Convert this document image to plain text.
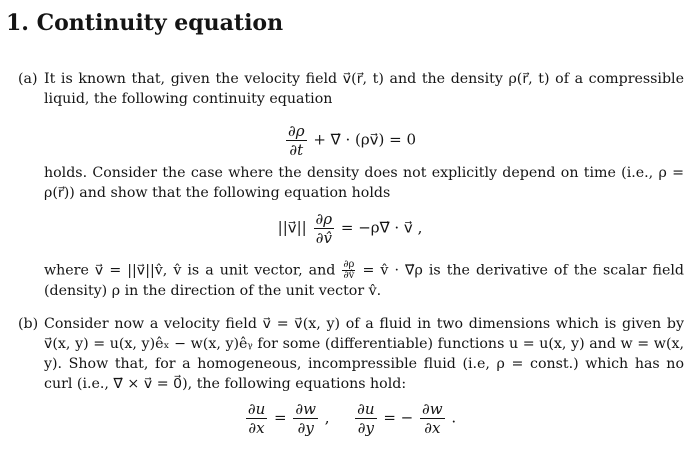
1. Continuity equation
(a) It is known that, given the velocity field v⃗(r⃗, t) and the density ρ(r⃗, t) of a compressible liquid, the following continuity equation
$\frac{\partial\rho}{\partial t}$ + ∇⃗ · (ρv⃗) = 0
holds. Consider the case where the density does not explicitly depend on time (i.e., ρ = ρ(r⃗)) and show that the following equation holds
||v⃗|| $\frac{\partial\rho}{\partial v̂}$ = −ρ∇⃗ · v⃗ ,
where v⃗ = ||v⃗||v̂, v̂ is a unit vector, and $\frac{\partial\rho}{\partial v̂}$ = v̂ · ∇⃗ρ is the derivative of the scalar field (density) ρ in the direction of the unit vector v̂.
(b) Consider now a velocity field v⃗ = v⃗(x, y) of a fluid in two dimensions which is given by v⃗(x, y) = u(x, y)êₓ − w(x, y)êᵧ for some (differentiable) functions u = u(x, y) and w = w(x, y). Show that, for a homogeneous, incompressible fluid (i.e, ρ = const.) which has no curl (i.e., ∇⃗ × v⃗ = 0⃗), the following equations hold:
$\frac{\partial u}{\partial x} = \frac{\partial w}{\partial y}$ , $\frac{\partial u}{\partial y}$ = − $\frac{\partial w}{\partial x}$ .
